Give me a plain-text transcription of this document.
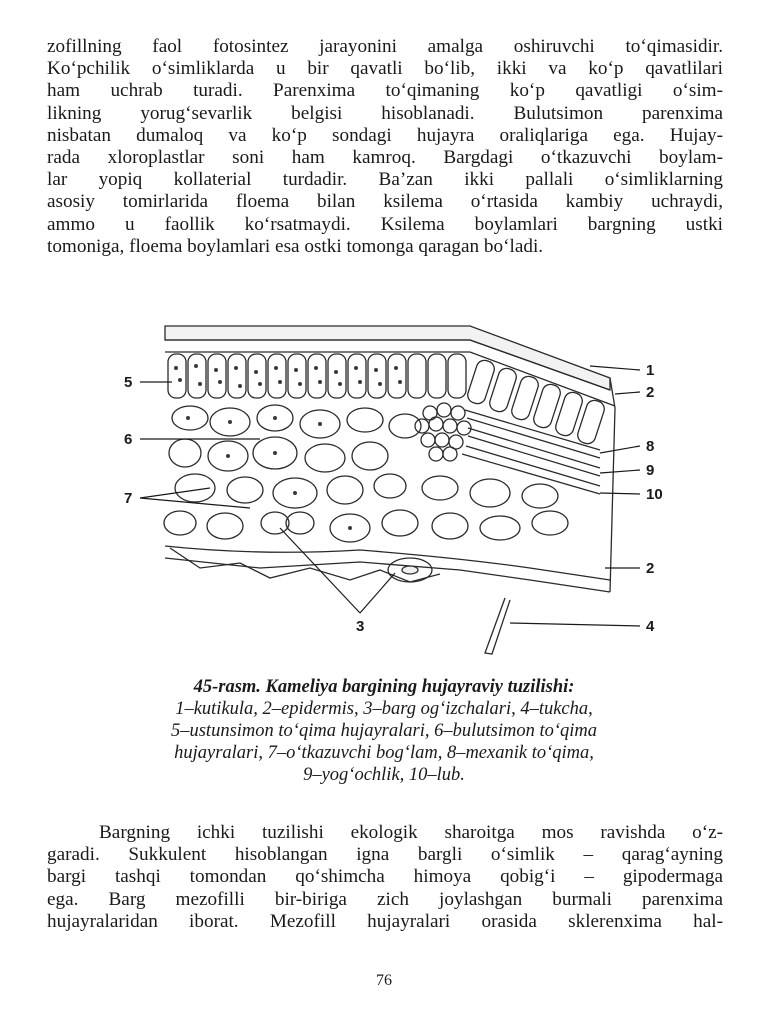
zofillning faol fotosintez jarayonini amalga oshiruvchi to‘qimasidir.
Ko‘pchilik o‘simliklarda u bir qavatli bo‘lib, ikki va ko‘p qavatlilari
ham uchrab turadi. Parenxima to‘qimaning ko‘p qavatligi o‘sim-
likning yorug‘sevarlik belgisi hisoblanadi. Bulutsimon parenxima
nisbatan dumaloq va ko‘p sondagi hujayra oraliqlariga ega. Hujay-
rada xloroplastlar soni ham kamroq. Bargdagi o‘tkazuvchi boylam-
lar yopiq kollaterial turdadir. Ba’zan ikki pallali o‘simliklarning
asosiy tomirlarida floema bilan ksilema o‘rtasida kambiy uchraydi,
ammo u faollik ko‘rsatmaydi. Ksilema boylamlari bargning ustki
tomoniga, floema boylamlari esa ostki tomonga qaragan bo‘ladi.
5
6
7
3
1
2
8
9
10
2
4
45-rasm. Kameliya bargining hujayraviy tuzilishi:
1–kutikula, 2–epidermis, 3–barg og‘izchalari, 4–tukcha,
5–ustunsimon to‘qima hujayralari, 6–bulutsimon to‘qima
hujayralari, 7–o‘tkazuvchi bog‘lam, 8–mexanik to‘qima,
9–yog‘ochlik, 10–lub.
Bargning ichki tuzilishi ekologik sharoitga mos ravishda o‘z-
garadi. Sukkulent hisoblangan igna bargli o‘simlik – qarag‘ayning
bargi tashqi tomondan qo‘shimcha himoya qobig‘i – gipodermaga
ega. Barg mezofilli bir-biriga zich joylashgan burmali parenxima
hujayralaridan iborat. Mezofill hujayralari orasida sklerenxima hal-
76
